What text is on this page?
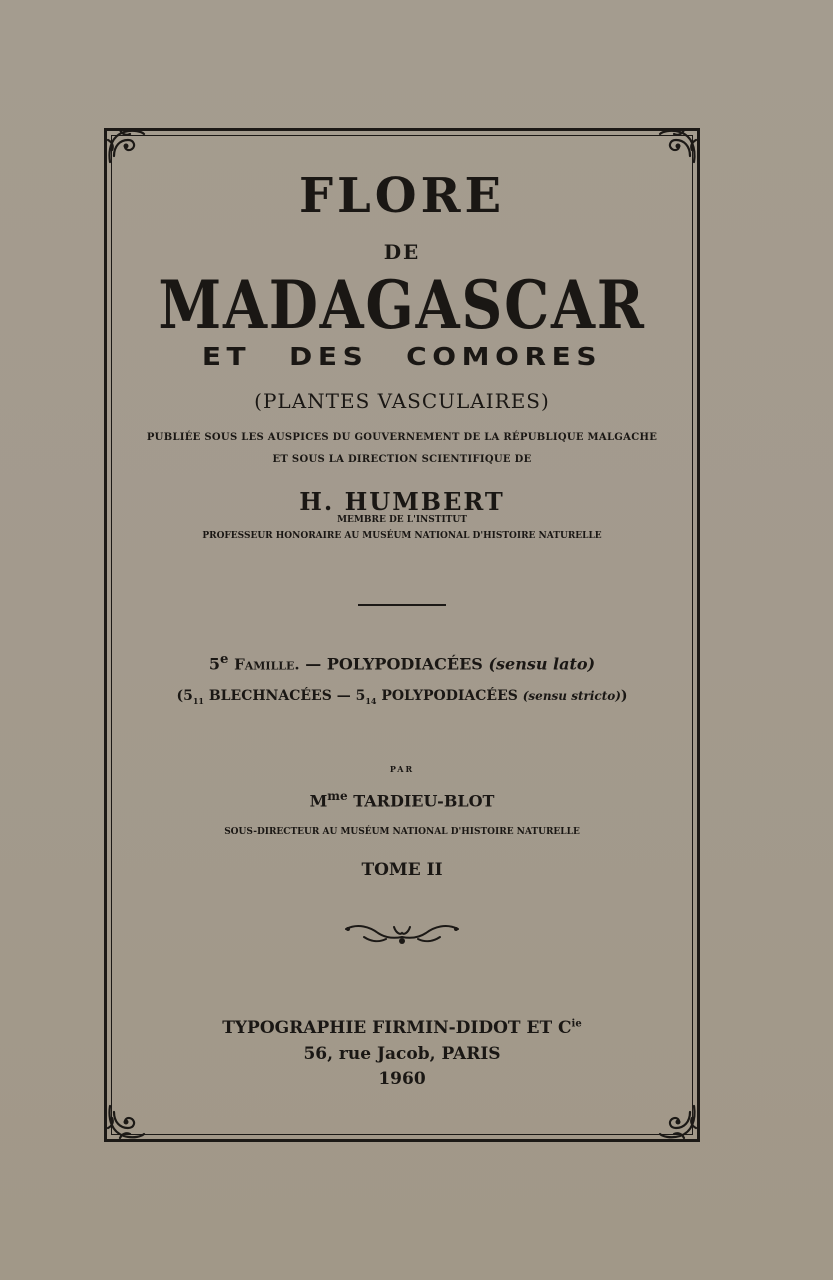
FLORE
DE
MADAGASCAR
ET DES COMORES
(PLANTES VASCULAIRES)
PUBLIÉE SOUS LES AUSPICES DU GOUVERNEMENT DE LA RÉPUBLIQUE MALGACHE
ET SOUS LA DIRECTION SCIENTIFIQUE DE
H. HUMBERT
MEMBRE DE L'INSTITUT
PROFESSEUR HONORAIRE AU MUSÉUM NATIONAL D'HISTOIRE NATURELLE
5e Famille. — POLYPODIACÉES (sensu lato)
($5_{11}$ BLECHNACÉES — $5_{14}$ POLYPODIACÉES (sensu stricto))
PAR
$M^{me}$ TARDIEU-BLOT
SOUS-DIRECTEUR AU MUSÉUM NATIONAL D'HISTOIRE NATURELLE
TOME II
TYPOGRAPHIE FIRMIN-DIDOT ET $C^{ie}$
56, rue Jacob, PARIS
1960
